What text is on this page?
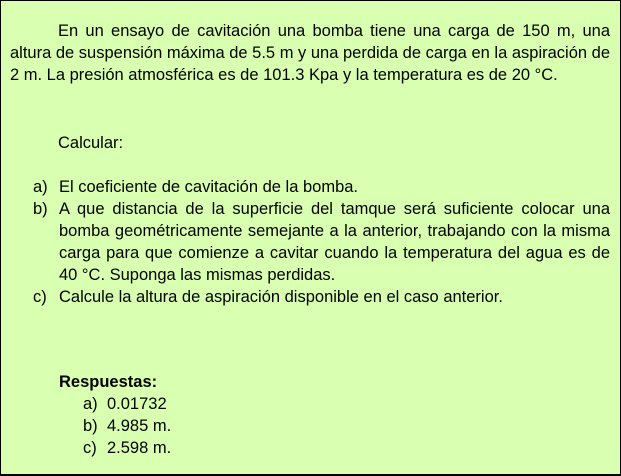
En un ensayo de cavitación una bomba tiene una carga de 150 m, una altura de suspensión máxima de 5.5 m y una perdida de carga en la aspiración de 2 m. La presión atmosférica es de 101.3 Kpa y la temperatura es de 20 °C.

Calcular:

a) El coeficiente de cavitación de la bomba.
b) A que distancia de la superficie del tamque será suficiente colocar una bomba geométricamente semejante a la anterior, trabajando con la misma carga para que comienze a cavitar cuando la temperatura del agua es de 40 °C. Suponga las mismas perdidas.
c) Calcule la altura de aspiración disponible en el caso anterior.

Respuestas:

a) 0.01732
b) 4.985 m.
c) 2.598 m.
